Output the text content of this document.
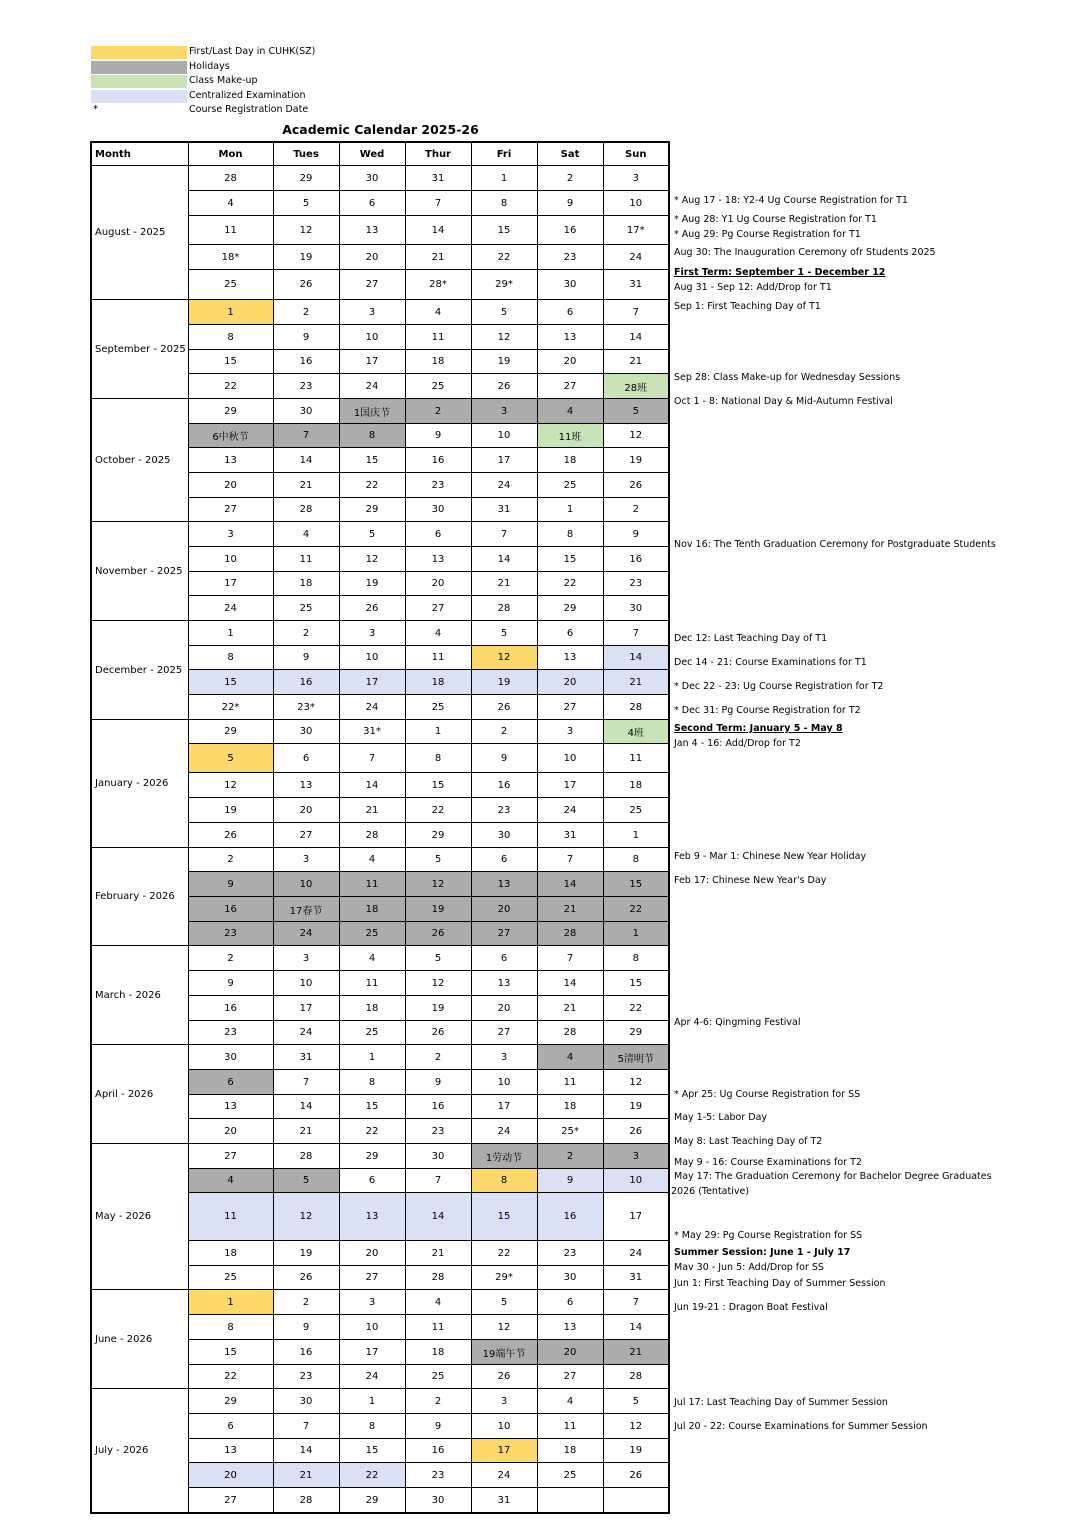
First/Last Day in CUHK(SZ)
Holidays
Class Make-up
Centralized Examination
*	Course Registration Date
Academic Calendar 2025-26
Month	Mon	Tues	Wed	Thur	Fri	Sat	Sun
August - 2025	28	29	30	31	1	2	3
	4	5	6	7	8	9	10
	11	12	13	14	15	16	17*
	18*	19	20	21	22	23	24
	25	26	27	28*	29*	30	31
September - 2025	1	2	3	4	5	6	7
	8	9	10	11	12	13	14
	15	16	17	18	19	20	21
	22	23	24	25	26	27	28班
October - 2025	29	30	1国庆节	2	3	4	5
	6中秋节	7	8	9	10	11班	12
	13	14	15	16	17	18	19
	20	21	22	23	24	25	26
	27	28	29	30	31	1	2
November - 2025	3	4	5	6	7	8	9
	10	11	12	13	14	15	16
	17	18	19	20	21	22	23
	24	25	26	27	28	29	30
December - 2025	1	2	3	4	5	6	7
	8	9	10	11	12	13	14
	15	16	17	18	19	20	21
	22*	23*	24	25	26	27	28
January - 2026	29	30	31*	1	2	3	4班
	5	6	7	8	9	10	11
	12	13	14	15	16	17	18
	19	20	21	22	23	24	25
	26	27	28	29	30	31	1
February - 2026	2	3	4	5	6	7	8
	9	10	11	12	13	14	15
	16	17春节	18	19	20	21	22
	23	24	25	26	27	28	1
March - 2026	2	3	4	5	6	7	8
	9	10	11	12	13	14	15
	16	17	18	19	20	21	22
	23	24	25	26	27	28	29
April - 2026	30	31	1	2	3	4	5清明节
	6	7	8	9	10	11	12
	13	14	15	16	17	18	19
	20	21	22	23	24	25*	26
May - 2026	27	28	29	30	1劳动节	2	3
	4	5	6	7	8	9	10
	11	12	13	14	15	16	17
	18	19	20	21	22	23	24
	25	26	27	28	29*	30	31
June - 2026	1	2	3	4	5	6	7
	8	9	10	11	12	13	14
	15	16	17	18	19端午节	20	21
	22	23	24	25	26	27	28
July - 2026	29	30	1	2	3	4	5
	6	7	8	9	10	11	12
	13	14	15	16	17	18	19
	20	21	22	23	24	25	26
	27	28	29	30	31		
* Aug 17 - 18: Y2-4 Ug Course Registration for T1
* Aug 28: Y1 Ug Course Registration for T1
* Aug 29: Pg Course Registration for T1
Aug 30: The Inauguration Ceremony ofr Students 2025
First Term: September 1 - December 12
Aug 31 - Sep 12: Add/Drop for T1
Sep 1: First Teaching Day of T1
Sep 28: Class Make-up for Wednesday Sessions
Oct 1 - 8: National Day & Mid-Autumn Festival
Nov 16: The Tenth Graduation Ceremony for Postgraduate Students
Dec 12: Last Teaching Day of T1
Dec 14 - 21: Course Examinations for T1
* Dec 22 - 23: Ug Course Registration for T2
* Dec 31: Pg Course Registration for T2
Second Term: January 5 - May 8
Jan 4 - 16: Add/Drop for T2
Feb 9 - Mar 1: Chinese New Year Holiday
Feb 17: Chinese New Year's Day
Apr 4-6: Qingming Festival
* Apr 25: Ug Course Registration for SS
May 1-5: Labor Day
May 8: Last Teaching Day of T2
May 9 - 16: Course Examinations for T2
May 17: The Graduation Ceremony for Bachelor Degree Graduates
2026 (Tentative)
* May 29: Pg Course Registration for SS
Summer Session: June 1 - July 17
Mav 30 - Jun 5: Add/Drop for SS
Jun 1: First Teaching Day of Summer Session
Jun 19-21 : Dragon Boat Festival
Jul 17: Last Teaching Day of Summer Session
Jul 20 - 22: Course Examinations for Summer Session
